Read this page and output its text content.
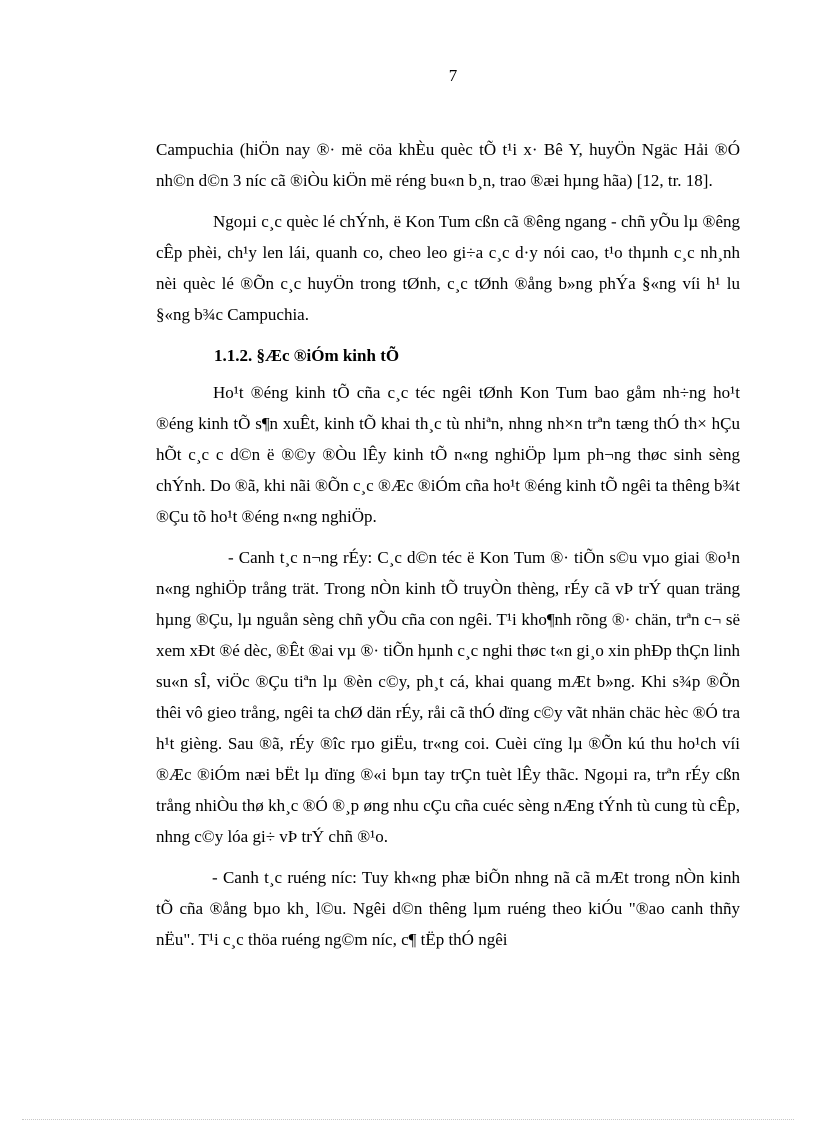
7

Campuchia (hiÖn nay ®· më cöa khÈu quèc tÕ t¹i x· Bê Y, huyÖn Ngäc Hải ®Ó nh©n d©n 3 níc cã ®iÒu kiÖn më réng bu«n b¸n, trao ®æi hµng hãa) [12, tr. 18].

Ngoµi c¸c quèc lé chÝnh, ë Kon Tum cßn cã ®êng ngang - chñ yÕu lµ ®êng cÊp phèi, ch¹y len lái, quanh co, cheo leo gi÷a c¸c d·y nói cao, t¹o thµnh c¸c nh¸nh nèi quèc lé ®Õn c¸c huyÖn trong tØnh, c¸c tØnh ®ång b»ng phÝa §«ng víi h¹ lu §«ng b¾c Campuchia.

1.1.2. §Æc ®iÓm kinh tÕ

Ho¹t ®éng kinh tÕ cña c¸c téc ngêi tØnh Kon Tum bao gåm nh÷ng ho¹t ®éng kinh tÕ s¶n xuÊt, kinh tÕ khai th¸c tù nhiªn, nhng nh×n trªn tæng thÓ th× hÇu hÕt c¸c c d©n ë ®©y ®Òu lÊy kinh tÕ n«ng nghiÖp lµm ph¬ng thøc sinh sèng chÝnh. Do ®ã, khi nãi ®Õn c¸c ®Æc ®iÓm cña ho¹t ®éng kinh tÕ ngêi ta thêng b¾t ®Çu tõ ho¹t ®éng n«ng nghiÖp.

- Canh t¸c n¬ng rÉy: C¸c d©n téc ë Kon Tum ®· tiÕn s©u vµo giai ®o¹n n«ng nghiÖp trång trät. Trong nÒn kinh tÕ truyÒn thèng, rÉy cã vÞ trÝ quan träng hµng ®Çu, lµ nguån sèng chñ yÕu cña con ngêi. T¹i kho¶nh rõng ®· chän, trªn c¬ së xem xÐt ®é dèc, ®Êt ®ai vµ ®· tiÕn hµnh c¸c nghi thøc t«n gi¸o xin phÐp thÇn linh su«n sÎ, viÖc ®Çu tiªn lµ ®èn c©y, ph¸t cá, khai quang mÆt b»ng. Khi s¾p ®Õn thêi vô gieo trång, ngêi ta chØ dän rÉy, råi cã thÓ dïng c©y vãt nhän chäc hèc ®Ó tra h¹t gièng. Sau ®ã, rÉy ®îc rµo giËu, tr«ng coi. Cuèi cïng lµ ®Õn kú thu ho¹ch víi ®Æc ®iÓm næi bËt lµ dïng ®«i bµn tay trÇn tuèt lÊy thãc. Ngoµi ra, trªn rÉy cßn trång nhiÒu thø kh¸c ®Ó ®¸p øng nhu cÇu cña cuéc sèng nÆng tÝnh tù cung tù cÊp, nhng c©y lóa gi÷ vÞ trÝ chñ ®¹o.

- Canh t¸c ruéng níc: Tuy kh«ng phæ biÕn nhng nã cã mÆt trong nÒn kinh tÕ cña ®ång bµo kh¸ l©u. Ngêi d©n thêng lµm ruéng theo kiÓu "®ao canh thñy nËu". T¹i c¸c thöa ruéng ng©m níc, c¶ tËp thÓ ngêi
